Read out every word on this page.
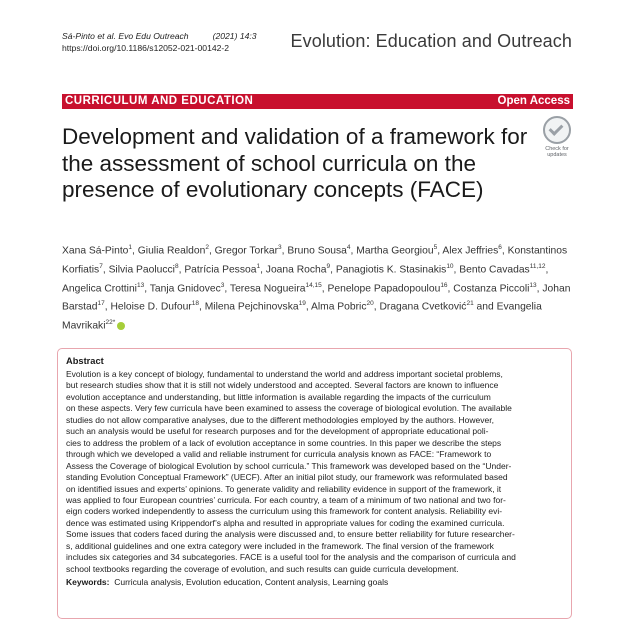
Sá-Pinto et al. Evo Edu Outreach	(2021) 14:3
https://doi.org/10.1186/s12052-021-00142-2	Evolution: Education and Outreach
CURRICULUM AND EDUCATION	Open Access
Development and validation of a framework for the assessment of school curricula on the presence of evolutionary concepts (FACE)
Check for updates

Xana Sá-Pinto$^1$, Giulia Realdon$^2$, Gregor Torkar$^3$, Bruno Sousa$^4$, Martha Georgiou$^5$, Alex Jeffries$^6$, Konstantinos Korfiatis$^7$, Silvia Paolucci$^8$, Patrícia Pessoa$^1$, Joana Rocha$^9$, Panagiotis K. Stasinakis$^{10}$, Bento Cavadas$^{11,12}$, Angelica Crottini$^{13}$, Tanja Gnidovec$^3$, Teresa Nogueira$^{14,15}$, Penelope Papadopoulou$^{16}$, Costanza Piccoli$^{13}$, Johan Barstad$^{17}$, Heloise D. Dufour$^{18}$, Milena Pejchinovska$^{19}$, Alma Pobric$^{20}$, Dragana Cvetković$^{21}$ and Evangelia Mavrikaki$^{22*}$

Abstract

Evolution is a key concept of biology, fundamental to understand the world and address important societal problems,
but research studies show that it is still not widely understood and accepted. Several factors are known to influence
evolution acceptance and understanding, but little information is available regarding the impacts of the curriculum
on these aspects. Very few curricula have been examined to assess the coverage of biological evolution. The available
studies do not allow comparative analyses, due to the different methodologies employed by the authors. However,
such an analysis would be useful for research purposes and for the development of appropriate educational poli-
cies to address the problem of a lack of evolution acceptance in some countries. In this paper we describe the steps
through which we developed a valid and reliable instrument for curricula analysis known as FACE: “Framework to
Assess the Coverage of biological Evolution by school curricula.” This framework was developed based on the “Under-
standing Evolution Conceptual Framework” (UECF). After an initial pilot study, our framework was reformulated based
on identified issues and experts’ opinions. To generate validity and reliability evidence in support of the framework, it
was applied to four European countries’ curricula. For each country, a team of a minimum of two national and two for-
eign coders worked independently to assess the curriculum using this framework for content analysis. Reliability evi-
dence was estimated using Krippendorf’s alpha and resulted in appropriate values for coding the examined curricula.
Some issues that coders faced during the analysis were discussed and, to ensure better reliability for future researcher-
s, additional guidelines and one extra category were included in the framework. The final version of the framework
includes six categories and 34 subcategories. FACE is a useful tool for the analysis and the comparison of curricula and
school textbooks regarding the coverage of evolution, and such results can guide curricula development.

Keywords: Curricula analysis, Evolution education, Content analysis, Learning goals
